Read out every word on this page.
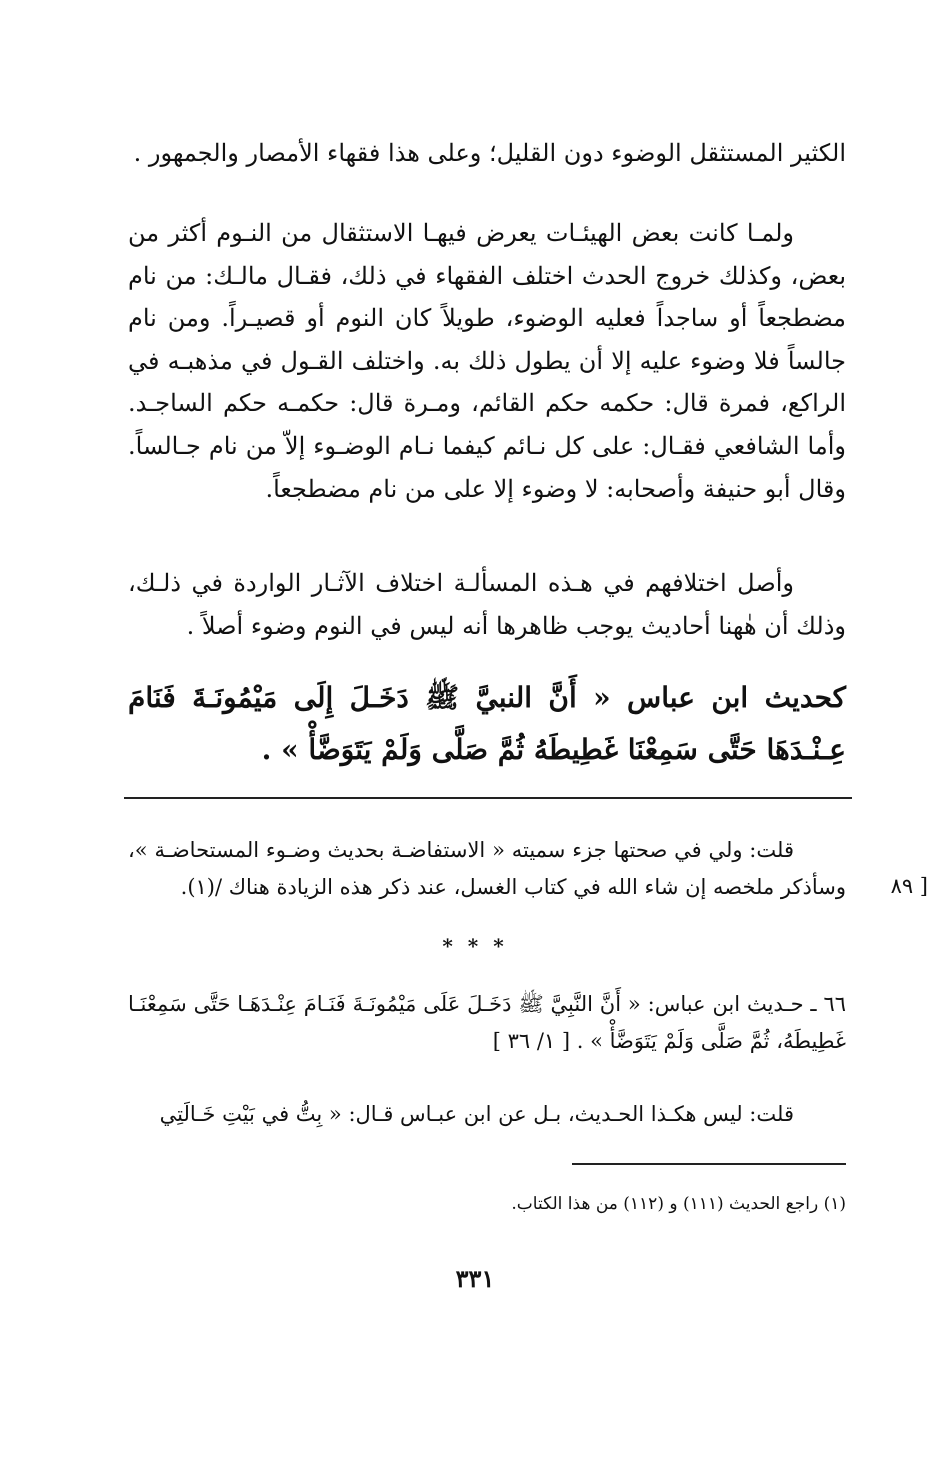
الكثير المستثقل الوضوء دون القليل؛ وعلى هذا فقهاء الأمصار والجمهور .

ولمـا كانت بعض الهيئـات يعرض فيهـا الاستثقال من النـوم أكثر من بعض، وكذلك خروج الحدث اختلف الفقهاء في ذلك، فقـال مالـك: من نام مضطجعاً أو ساجداً فعليه الوضوء، طويلاً كان النوم أو قصيـراً. ومن نام جالساً فلا وضوء عليه إلا أن يطول ذلك به. واختلف القـول في مذهبـه في الراكع، فمرة قال: حكمه حكم القائم، ومـرة قال: حكمـه حكم الساجـد. وأما الشافعي فقـال: على كل نـائم كيفما نـام الوضـوء إلاّ من نام جـالساً. وقال أبو حنيفة وأصحابه: لا وضوء إلا على من نام مضطجعاً.

وأصل اختلافهم في هـذه المسألـة اختلاف الآثـار الواردة في ذلـك، وذلك أن هٰهنا أحاديث يوجب ظاهرها أنه ليس في النوم وضوء أصلاً .

كحديث ابن عباس « أَنَّ النبيَّ ﷺ دَخَـلَ إِلَى مَيْمُونَـةَ فَنَامَ عِـنْـدَهَا حَتَّى سَمِعْنَا غَطِيطَهُ ثُمَّ صَلَّى وَلَمْ يَتَوَضَّأْ » .

قلت: ولي في صحتها جزء سميته « الاستفاضـة بحديث وضـوء المستحاضـة »، وسأذكر ملخصه إن شاء الله في كتاب الغسل، عند ذكر هذه الزيادة هناك /(١).	[ ٨٩
* * *

٦٦ ـ حـديث ابن عباس: « أَنَّ النَّبِيَّ ﷺ دَخَـلَ عَلَى مَيْمُونَـةَ فَنَـامَ عِنْـدَهَـا حَتَّى سَمِعْنَـا غَطِيطَهُ، ثُمَّ صَلَّى وَلَمْ يَتَوَضَّأْ » . [ ١/ ٣٦ ]

قلت: ليس هكـذا الحـديث، بـل عن ابن عبـاس قـال: « بِتُّ في بَيْتِ خَـالَتِي

(١) راجع الحديث (١١١) و (١١٢) من هذا الكتاب.
٣٣١
